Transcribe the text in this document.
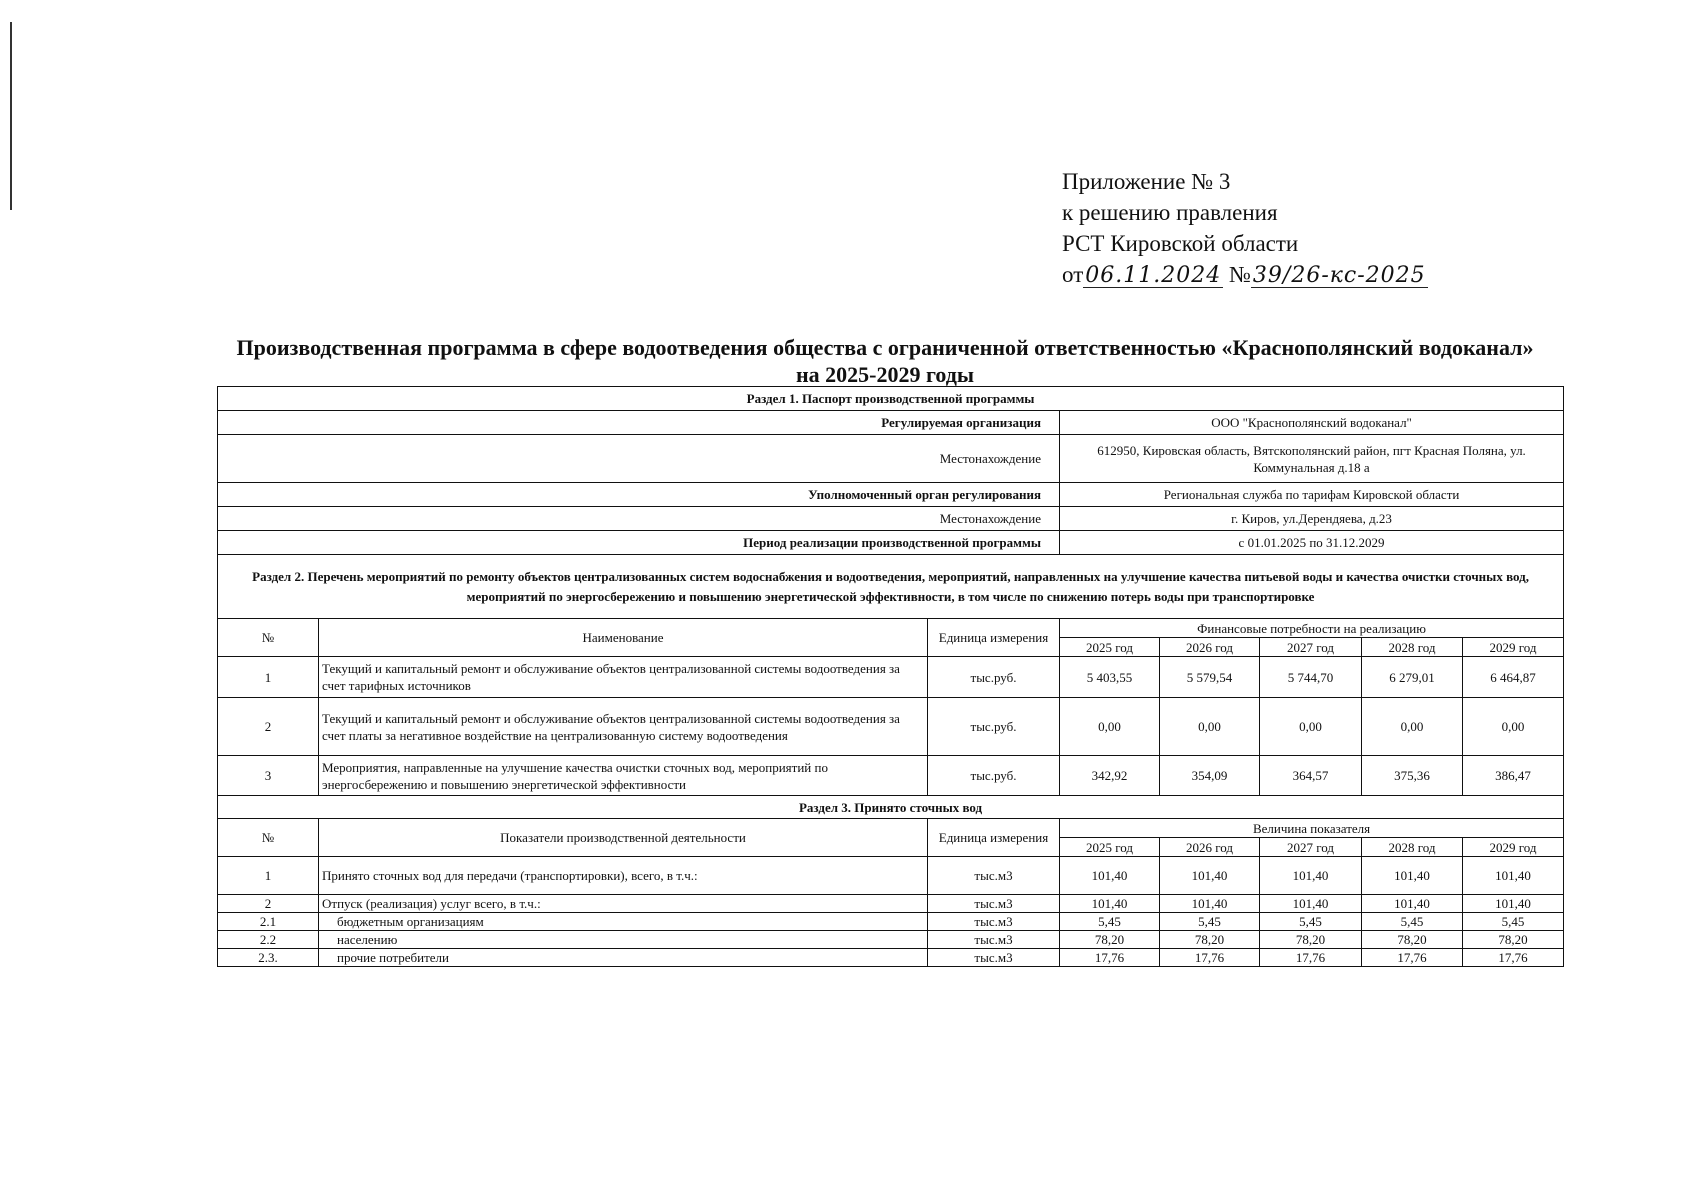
Приложение № 3
к решению правления
РСТ Кировской области
от06.11.2024 №39/26-кс-2025
Производственная программа в сфере водоотведения общества с ограниченной ответственностью «Краснополянский водоканал»
на 2025-2029 годы
Раздел 1. Паспорт производственной программы							
Регулируемая организация			ООО "Краснополянский водоканал"				
Местонахождение			612950, Кировская область, Вятскополянский район, пгт Красная Поляна, ул. Коммунальная д.18 а				
Уполномоченный орган регулирования			Региональная служба по тарифам Кировской области				
Местонахождение			г. Киров, ул.Дерендяева, д.23				
Период реализации производственной программы			с 01.01.2025 по 31.12.2029				
Раздел 2. Перечень мероприятий по ремонту объектов централизованных систем водоснабжения и водоотведения, мероприятий, направленных на улучшение качества питьевой воды и качества очистки сточных вод, мероприятий по энергосбережению и повышению энергетической эффективности, в том числе по снижению потерь воды при транспортировке							
№	Наименование	Единица измерения	Финансовые потребности на реализацию				
			2025 год	2026 год	2027 год	2028 год	2029 год
1	Текущий и капитальный ремонт и обслуживание объектов централизованной системы водоотведения за счет тарифных источников	тыс.руб.	5 403,55	5 579,54	5 744,70	6 279,01	6 464,87
2	Текущий и капитальный ремонт и обслуживание объектов централизованной системы водоотведения за счет платы за негативное воздействие на централизованную систему водоотведения	тыс.руб.	0,00	0,00	0,00	0,00	0,00
3	Мероприятия, направленные на улучшение качества очистки сточных вод, мероприятий по энергосбережению и повышению энергетической эффективности	тыс.руб.	342,92	354,09	364,57	375,36	386,47
Раздел 3. Принято сточных вод							
№	Показатели производственной деятельности	Единица измерения	Величина показателя				
			2025 год	2026 год	2027 год	2028 год	2029 год
1	Принято сточных вод для передачи (транспортировки), всего, в т.ч.:	тыс.м3	101,40	101,40	101,40	101,40	101,40
2	Отпуск (реализация) услуг всего, в т.ч.:	тыс.м3	101,40	101,40	101,40	101,40	101,40
2.1	бюджетным организациям	тыс.м3	5,45	5,45	5,45	5,45	5,45
2.2	населению	тыс.м3	78,20	78,20	78,20	78,20	78,20
2.3.	прочие потребители	тыс.м3	17,76	17,76	17,76	17,76	17,76
